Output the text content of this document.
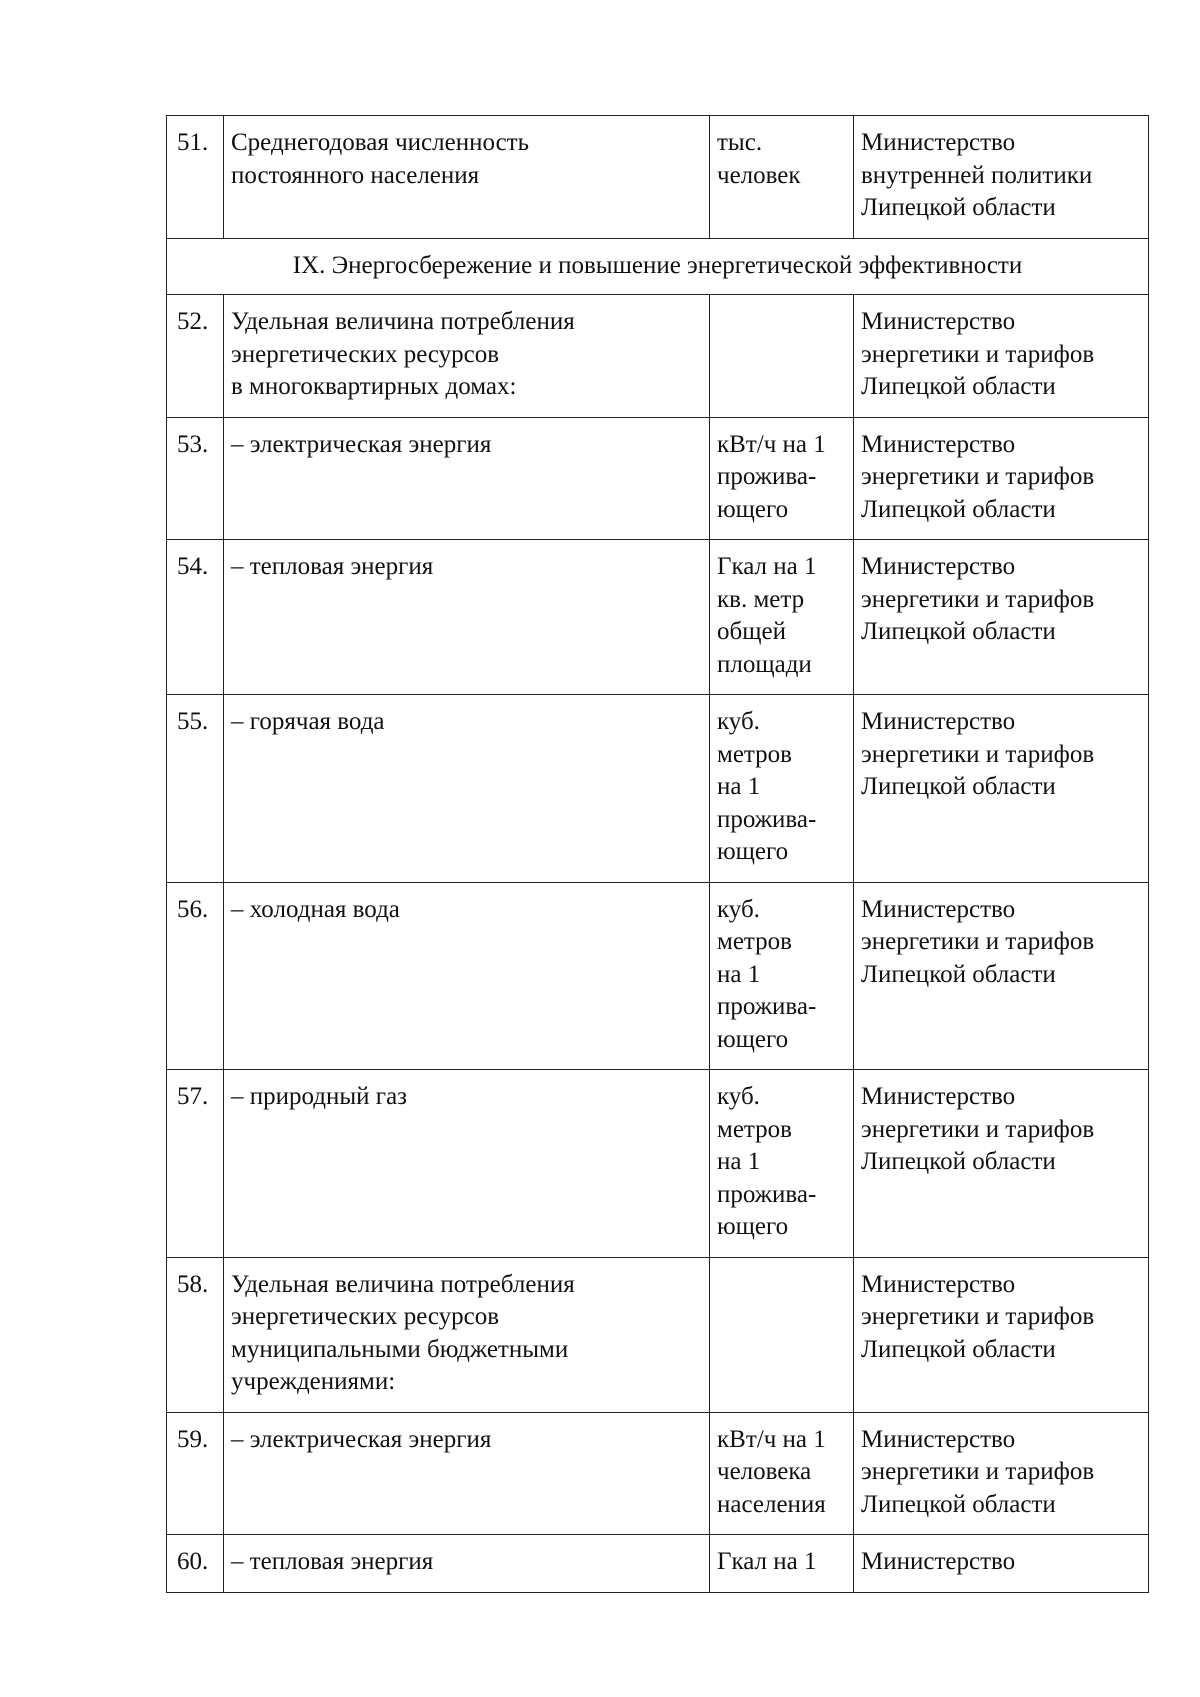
51.	Среднегодовая численность
постоянного населения	тыс.
человек	Министерство
внутренней политики
Липецкой области
IX. Энергосбережение и повышение энергетической эффективности			
52.	Удельная величина потребления
энергетических ресурсов
в многоквартирных домах:		Министерство
энергетики и тарифов
Липецкой области
53.	– электрическая энергия	кВт/ч на 1
прожива-
ющего	Министерство
энергетики и тарифов
Липецкой области
54.	– тепловая энергия	Гкал на 1
кв. метр
общей
площади	Министерство
энергетики и тарифов
Липецкой области
55.	– горячая вода	куб.
метров
на 1
прожива-
ющего	Министерство
энергетики и тарифов
Липецкой области
56.	– холодная вода	куб.
метров
на 1
прожива-
ющего	Министерство
энергетики и тарифов
Липецкой области
57.	– природный газ	куб.
метров
на 1
прожива-
ющего	Министерство
энергетики и тарифов
Липецкой области
58.	Удельная величина потребления
энергетических ресурсов
муниципальными бюджетными
учреждениями:		Министерство
энергетики и тарифов
Липецкой области
59.	– электрическая энергия	кВт/ч на 1
человека
населения	Министерство
энергетики и тарифов
Липецкой области
60.	– тепловая энергия	Гкал на 1	Министерство
